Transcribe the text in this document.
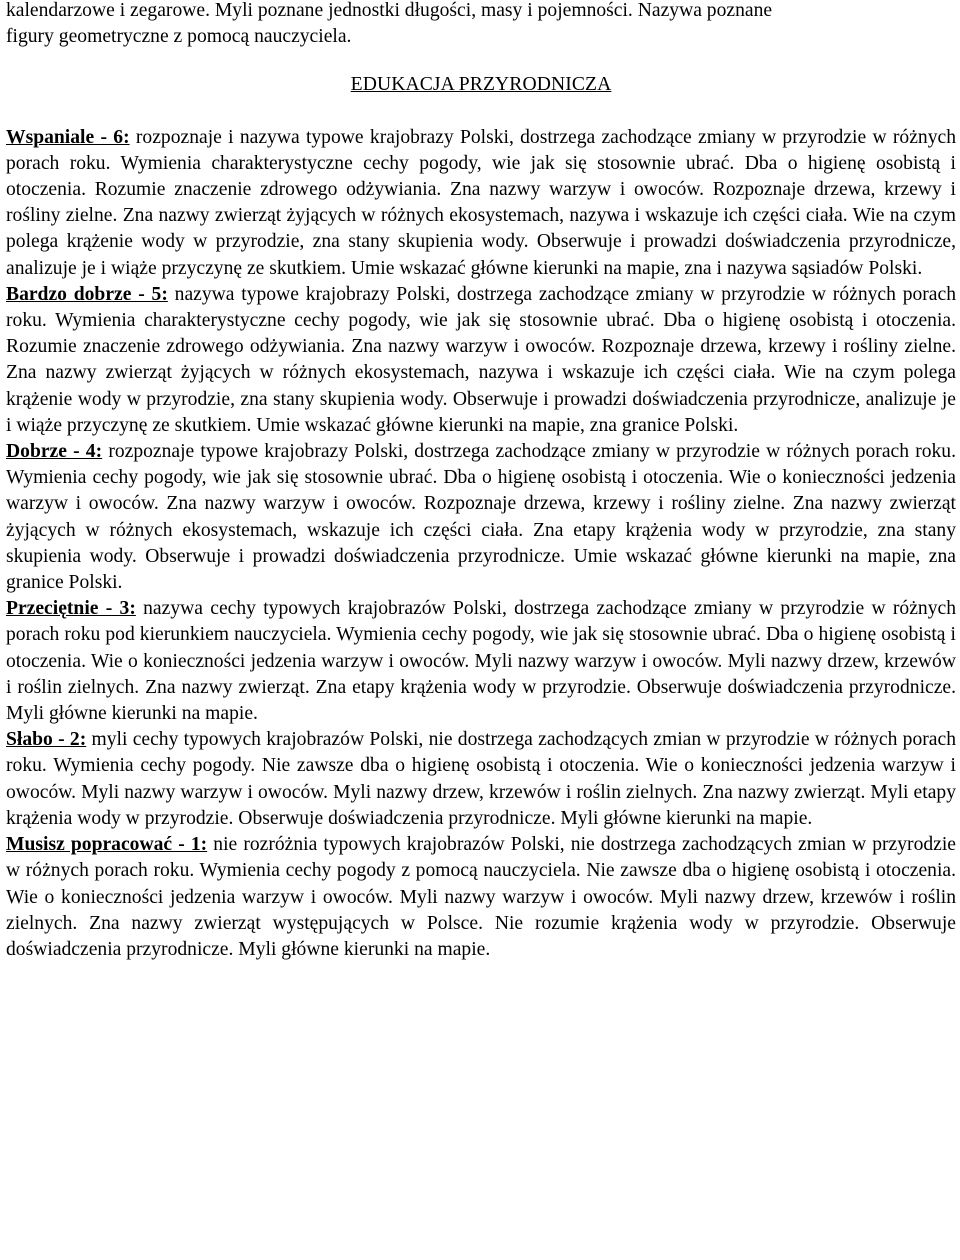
kalendarzowe i zegarowe. Myli poznane jednostki długości, masy i pojemności. Nazywa poznane
figury geometryczne z pomocą nauczyciela.

EDUKACJA PRZYRODNICZA

Wspaniale - 6: rozpoznaje i nazywa typowe krajobrazy Polski, dostrzega zachodzące zmiany w przyrodzie w różnych porach roku. Wymienia charakterystyczne cechy pogody, wie jak się stosownie ubrać. Dba o higienę osobistą i otoczenia. Rozumie znaczenie zdrowego odżywiania. Zna nazwy warzyw i owoców. Rozpoznaje drzewa, krzewy i rośliny zielne. Zna nazwy zwierząt żyjących w różnych ekosystemach, nazywa i wskazuje ich części ciała. Wie na czym polega krążenie wody w przyrodzie, zna stany skupienia wody. Obserwuje i prowadzi doświadczenia przyrodnicze, analizuje je i wiąże przyczynę ze skutkiem. Umie wskazać główne kierunki na mapie, zna i nazywa sąsiadów Polski.

Bardzo dobrze - 5: nazywa typowe krajobrazy Polski, dostrzega zachodzące zmiany w przyrodzie w różnych porach roku. Wymienia charakterystyczne cechy pogody, wie jak się stosownie ubrać. Dba o higienę osobistą i otoczenia. Rozumie znaczenie zdrowego odżywiania. Zna nazwy warzyw i owoców. Rozpoznaje drzewa, krzewy i rośliny zielne. Zna nazwy zwierząt żyjących w różnych ekosystemach, nazywa i wskazuje ich części ciała. Wie na czym polega krążenie wody w przyrodzie, zna stany skupienia wody. Obserwuje i prowadzi doświadczenia przyrodnicze, analizuje je i wiąże przyczynę ze skutkiem. Umie wskazać główne kierunki na mapie, zna granice Polski.

Dobrze - 4: rozpoznaje typowe krajobrazy Polski, dostrzega zachodzące zmiany w przyrodzie w różnych porach roku. Wymienia cechy pogody, wie jak się stosownie ubrać. Dba o higienę osobistą i otoczenia. Wie o konieczności jedzenia warzyw i owoców. Zna nazwy warzyw i owoców. Rozpoznaje drzewa, krzewy i rośliny zielne. Zna nazwy zwierząt żyjących w różnych ekosystemach, wskazuje ich części ciała. Zna etapy krążenia wody w przyrodzie, zna stany skupienia wody. Obserwuje i prowadzi doświadczenia przyrodnicze. Umie wskazać główne kierunki na mapie, zna granice Polski.

Przeciętnie - 3: nazywa cechy typowych krajobrazów Polski, dostrzega zachodzące zmiany w przyrodzie w różnych porach roku pod kierunkiem nauczyciela. Wymienia cechy pogody, wie jak się stosownie ubrać. Dba o higienę osobistą i otoczenia. Wie o konieczności jedzenia warzyw i owoców. Myli nazwy warzyw i owoców. Myli nazwy drzew, krzewów i roślin zielnych. Zna nazwy zwierząt. Zna etapy krążenia wody w przyrodzie. Obserwuje doświadczenia przyrodnicze. Myli główne kierunki na mapie.

Słabo - 2: myli cechy typowych krajobrazów Polski, nie dostrzega zachodzących zmian w przyrodzie w różnych porach roku. Wymienia cechy pogody. Nie zawsze dba o higienę osobistą i otoczenia. Wie o konieczności jedzenia warzyw i owoców. Myli nazwy warzyw i owoców. Myli nazwy drzew, krzewów i roślin zielnych. Zna nazwy zwierząt. Myli etapy krążenia wody w przyrodzie. Obserwuje doświadczenia przyrodnicze. Myli główne kierunki na mapie.

Musisz popracować - 1: nie rozróżnia typowych krajobrazów Polski, nie dostrzega zachodzących zmian w przyrodzie w różnych porach roku. Wymienia cechy pogody z pomocą nauczyciela. Nie zawsze dba o higienę osobistą i otoczenia. Wie o konieczności jedzenia warzyw i owoców. Myli nazwy warzyw i owoców. Myli nazwy drzew, krzewów i roślin zielnych. Zna nazwy zwierząt występujących w Polsce. Nie rozumie krążenia wody w przyrodzie. Obserwuje doświadczenia przyrodnicze. Myli główne kierunki na mapie.
